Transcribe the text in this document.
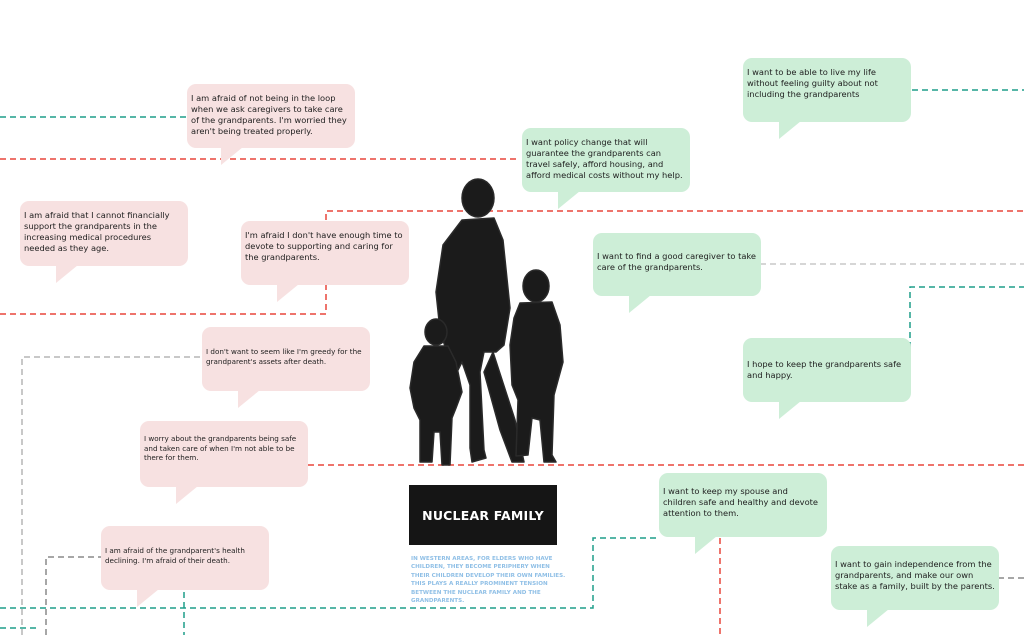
I am afraid of not being in the loop when we ask caregivers to take care of the grandparents. I'm worried they aren't being treated properly.
I am afraid that I cannot financially support the grandparents in the increasing medical procedures needed as they age.
I'm afraid I don't have enough time to devote to supporting and caring for the grandparents.
I don't want to seem like I'm greedy for the grandparent's assets after death.
I worry about the grandparents being safe and taken care of when I'm not able to be there for them.
I am afraid of the grandparent's health declining. I'm afraid of their death.
I want to be able to live my life without feeling guilty about not including the grandparents
I want policy change that will guarantee the grandparents can travel safely, afford housing, and afford medical costs without my help.
I want to find a good caregiver to take care of the grandparents.
I hope to keep the grandparents safe and happy.
I want to keep my spouse and children safe and healthy and devote attention to them.
I want to gain independence from the grandparents, and make our own stake as a family, built by the parents.
NUCLEAR FAMILY
IN WESTERN AREAS, FOR ELDERS WHO HAVE CHILDREN, THEY BECOME PERIPHERY WHEN THEIR CHILDREN DEVELOP THEIR OWN FAMILIES. THIS PLAYS A REALLY PROMINENT TENSION BETWEEN THE NUCLEAR FAMILY AND THE GRANDPARENTS.
